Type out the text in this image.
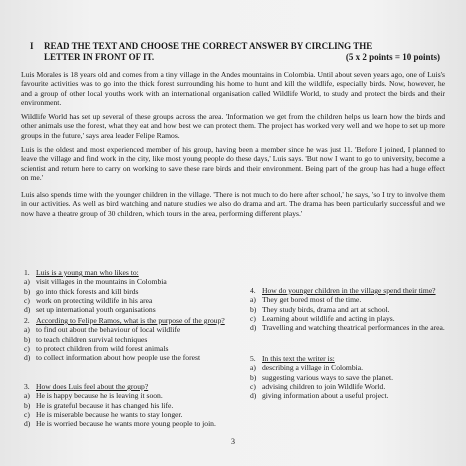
I	READ THE TEXT AND CHOOSE THE CORRECT ANSWER BY CIRCLING THE
LETTER IN FRONT OF IT.	(5 x 2 points = 10 points)

Luis Morales is 18 years old and comes from a tiny village in the Andes mountains in Colombia. Until about seven years ago, one of Luis's favourite activities was to go into the thick forest surrounding his home to hunt and kill the wildlife, especially birds. Now, however, he and a group of other local youths work with an international organisation called Wildlife World, to study and protect the birds and their environment.

Wildlife World has set up several of these groups across the area. 'Information we get from the children helps us learn how the birds and other animals use the forest, what they eat and how best we can protect them. The project has worked very well and we hope to set up more groups in the future,' says area leader Felipe Ramos.

Luis is the oldest and most experienced member of his group, having been a member since he was just 11. 'Before I joined, I planned to leave the village and find work in the city, like most young people do these days,' Luis says. 'But now I want to go to university, become a scientist and return here to carry on working to save these rare birds and their environment. Being part of the group has had a huge effect on me.'

Luis also spends time with the younger children in the village. 'There is not much to do here after school,' he says, 'so I try to involve them in our activities. As well as bird watching and nature studies we also do drama and art. The drama has been particularly successful and we now have a theatre group of 30 children, which tours in the area, performing different plays.'

1. Luis is a young man who likes to:
a) visit villages in the mountains in Colombia
b) go into thick forests and kill birds
c) work on protecting wildlife in his area
d) set up international youth organisations
2. According to Felipe Ramos, what is the purpose of the group?
a) to find out about the behaviour of local wildlife
b) to teach children survival techniques
c) to protect children from wild forest animals
d) to collect information about how people use the forest
3. How does Luis feel about the group?
a) He is happy because he is leaving it soon.
b) He is grateful because it has changed his life.
c) He is miserable because he wants to stay longer.
d) He is worried because he wants more young people to join.
4. How do younger children in the village spend their time?
a) They get bored most of the time.
b) They study birds, drama and art at school.
c) Learning about wildlife and acting in plays.
d) Travelling and watching theatrical performances in the area.
5. In this text the writer is:
a) describing a village in Colombia.
b) suggesting various ways to save the planet.
c) advising children to join Wildlife World.
d) giving information about a useful project.
3
